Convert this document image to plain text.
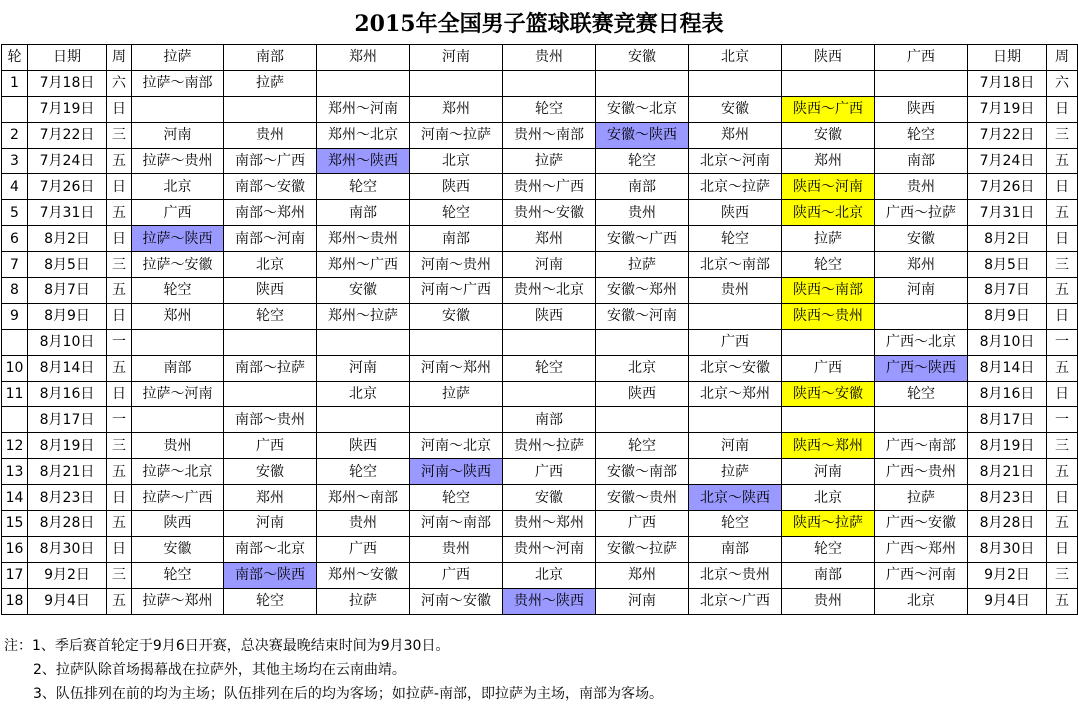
2015年全国男子篮球联赛竞赛日程表
轮	日期	周	拉萨	南部	郑州	河南	贵州	安徽	北京	陕西	广西	日期	周
1	7月18日	六	拉萨～南部	拉萨								7月18日	六
	7月19日	日			郑州～河南	郑州	轮空	安徽～北京	安徽	陕西～广西	陕西	7月19日	日
2	7月22日	三	河南	贵州	郑州～北京	河南～拉萨	贵州～南部	安徽～陕西	郑州	安徽	轮空	7月22日	三
3	7月24日	五	拉萨～贵州	南部～广西	郑州～陕西	北京	拉萨	轮空	北京～河南	郑州	南部	7月24日	五
4	7月26日	日	北京	南部～安徽	轮空	陕西	贵州～广西	南部	北京～拉萨	陕西～河南	贵州	7月26日	日
5	7月31日	五	广西	南部～郑州	南部	轮空	贵州～安徽	贵州	陕西	陕西～北京	广西～拉萨	7月31日	五
6	8月2日	日	拉萨～陕西	南部～河南	郑州～贵州	南部	郑州	安徽～广西	轮空	拉萨	安徽	8月2日	日
7	8月5日	三	拉萨～安徽	北京	郑州～广西	河南～贵州	河南	拉萨	北京～南部	轮空	郑州	8月5日	三
8	8月7日	五	轮空	陕西	安徽	河南～广西	贵州～北京	安徽～郑州	贵州	陕西～南部	河南	8月7日	五
9	8月9日	日	郑州	轮空	郑州～拉萨	安徽	陕西	安徽～河南		陕西～贵州		8月9日	日
	8月10日	一							广西		广西～北京	8月10日	一
10	8月14日	五	南部	南部～拉萨	河南	河南～郑州	轮空	北京	北京～安徽	广西	广西～陕西	8月14日	五
11	8月16日	日	拉萨～河南		北京	拉萨		陕西	北京～郑州	陕西～安徽	轮空	8月16日	日
	8月17日	一		南部～贵州			南部					8月17日	一
12	8月19日	三	贵州	广西	陕西	河南～北京	贵州～拉萨	轮空	河南	陕西～郑州	广西～南部	8月19日	三
13	8月21日	五	拉萨～北京	安徽	轮空	河南～陕西	广西	安徽～南部	拉萨	河南	广西～贵州	8月21日	五
14	8月23日	日	拉萨～广西	郑州	郑州～南部	轮空	安徽	安徽～贵州	北京～陕西	北京	拉萨	8月23日	日
15	8月28日	五	陕西	河南	贵州	河南～南部	贵州～郑州	广西	轮空	陕西～拉萨	广西～安徽	8月28日	五
16	8月30日	日	安徽	南部～北京	广西	贵州	贵州～河南	安徽～拉萨	南部	轮空	广西～郑州	8月30日	日
17	9月2日	三	轮空	南部～陕西	郑州～安徽	广西	北京	郑州	北京～贵州	南部	广西～河南	9月2日	三
18	9月4日	五	拉萨～郑州	轮空	拉萨	河南～安徽	贵州～陕西	河南	北京～广西	贵州	北京	9月4日	五
注：1、季后赛首轮定于9月6日开赛，总决赛最晚结束时间为9月30日。
2、拉萨队除首场揭幕战在拉萨外，其他主场均在云南曲靖。
3、队伍排列在前的均为主场；队伍排列在后的均为客场；如拉萨-南部，即拉萨为主场，南部为客场。
